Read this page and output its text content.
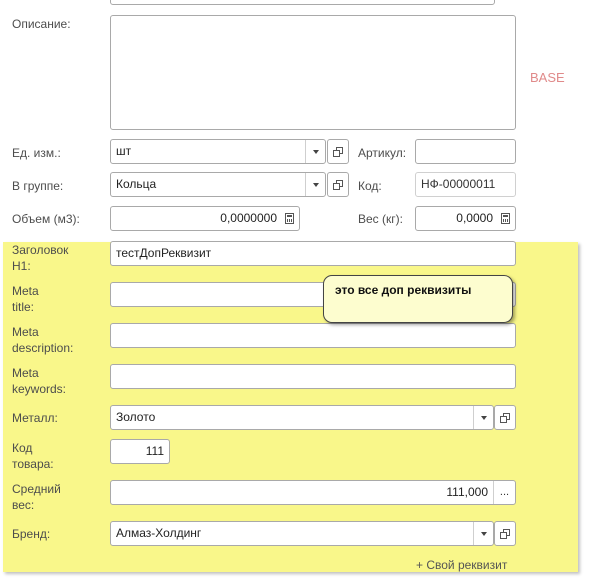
Описание:
BASE
Ед. изм.:	шт	Артикул:
В группе:	Кольца	Код:	НФ-00000011
Объем (м3):	0,0000000	Вес (кг):	0,0000
Заголовок
H1:
тестДопРеквизит
Meta
title:
Meta
description:
Meta
keywords:
Металл:	Золото
Код
товара:
111
Средний
вес:
111,000	...
Бренд:	Алмаз-Холдинг
+ Свой реквизит
это все доп реквизиты
